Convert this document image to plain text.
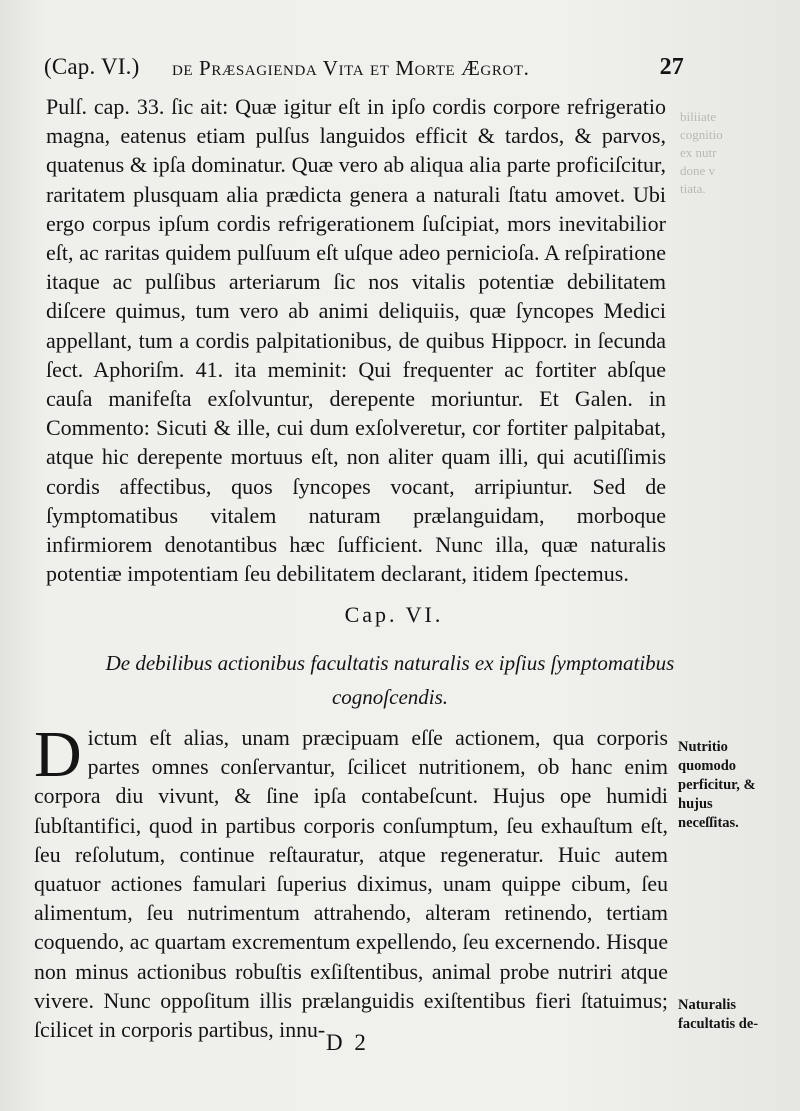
biliiate
cognitio
ex nutr
done v
tiata.
(Cap. VI.) de Præsagienda Vita et Morte Ægrot.	27

Pulſ. cap. 33. ſic ait: Quæ igitur eſt in ipſo cordis corpore refrigeratio magna, eatenus etiam pulſus languidos efficit & tardos, & parvos, quatenus & ipſa dominatur. Quæ vero ab aliqua alia parte proficiſcitur, raritatem plusquam alia prædicta genera a naturali ſtatu amovet. Ubi ergo corpus ipſum cordis refrigerationem ſuſcipiat, mors inevitabilior eſt, ac raritas quidem pulſuum eſt uſque adeo pernicioſa. A reſpiratione itaque ac pulſibus arteriarum ſic nos vitalis potentiæ debilitatem diſcere quimus, tum vero ab animi deliquiis, quæ ſyncopes Medici appellant, tum a cordis palpitationibus, de quibus Hippocr. in ſecunda ſect. Aphoriſm. 41. ita meminit: Qui frequenter ac fortiter abſque cauſa manifeſta exſolvuntur, derepente moriuntur. Et Galen. in Commento: Sicuti & ille, cui dum exſolveretur, cor fortiter palpitabat, atque hic derepente mortuus eſt, non aliter quam illi, qui acutiſſimis cordis affectibus, quos ſyncopes vocant, arripiuntur. Sed de ſymptomatibus vitalem naturam prælanguidam, morboque infirmiorem denotantibus hæc ſufficient. Nunc illa, quæ naturalis potentiæ impotentiam ſeu debilitatem declarant, itidem ſpectemus.

Cap. VI.
De debilibus actionibus facultatis naturalis ex ipſius ſymptomatibus cognoſcendis.
D ictum eſt alias, unam præcipuam eſſe actionem, qua corporis partes omnes conſervantur, ſcilicet nutritionem, ob hanc enim corpora diu vivunt, & ſine ipſa contabeſcunt. Hujus ope humidi ſubſtantifici, quod in partibus corporis conſumptum, ſeu exhauſtum eſt, ſeu reſolutum, continue reſtauratur, atque regeneratur. Huic autem quatuor actiones famulari ſuperius diximus, unam quippe cibum, ſeu alimentum, ſeu nutrimentum attrahendo, alteram retinendo, tertiam coquendo, ac quartam excrementum expellendo, ſeu excernendo. Hisque non minus actionibus robuſtis exſiſtentibus, animal probe nutriri atque vivere. Nunc oppoſitum illis prælanguidis exiſtentibus fieri ſtatuimus; ſcilicet in corporis partibus, innu-
Nutritio quomodo perficitur, & hujus neceſſitas.
Naturalis facultatis de-
D 2
